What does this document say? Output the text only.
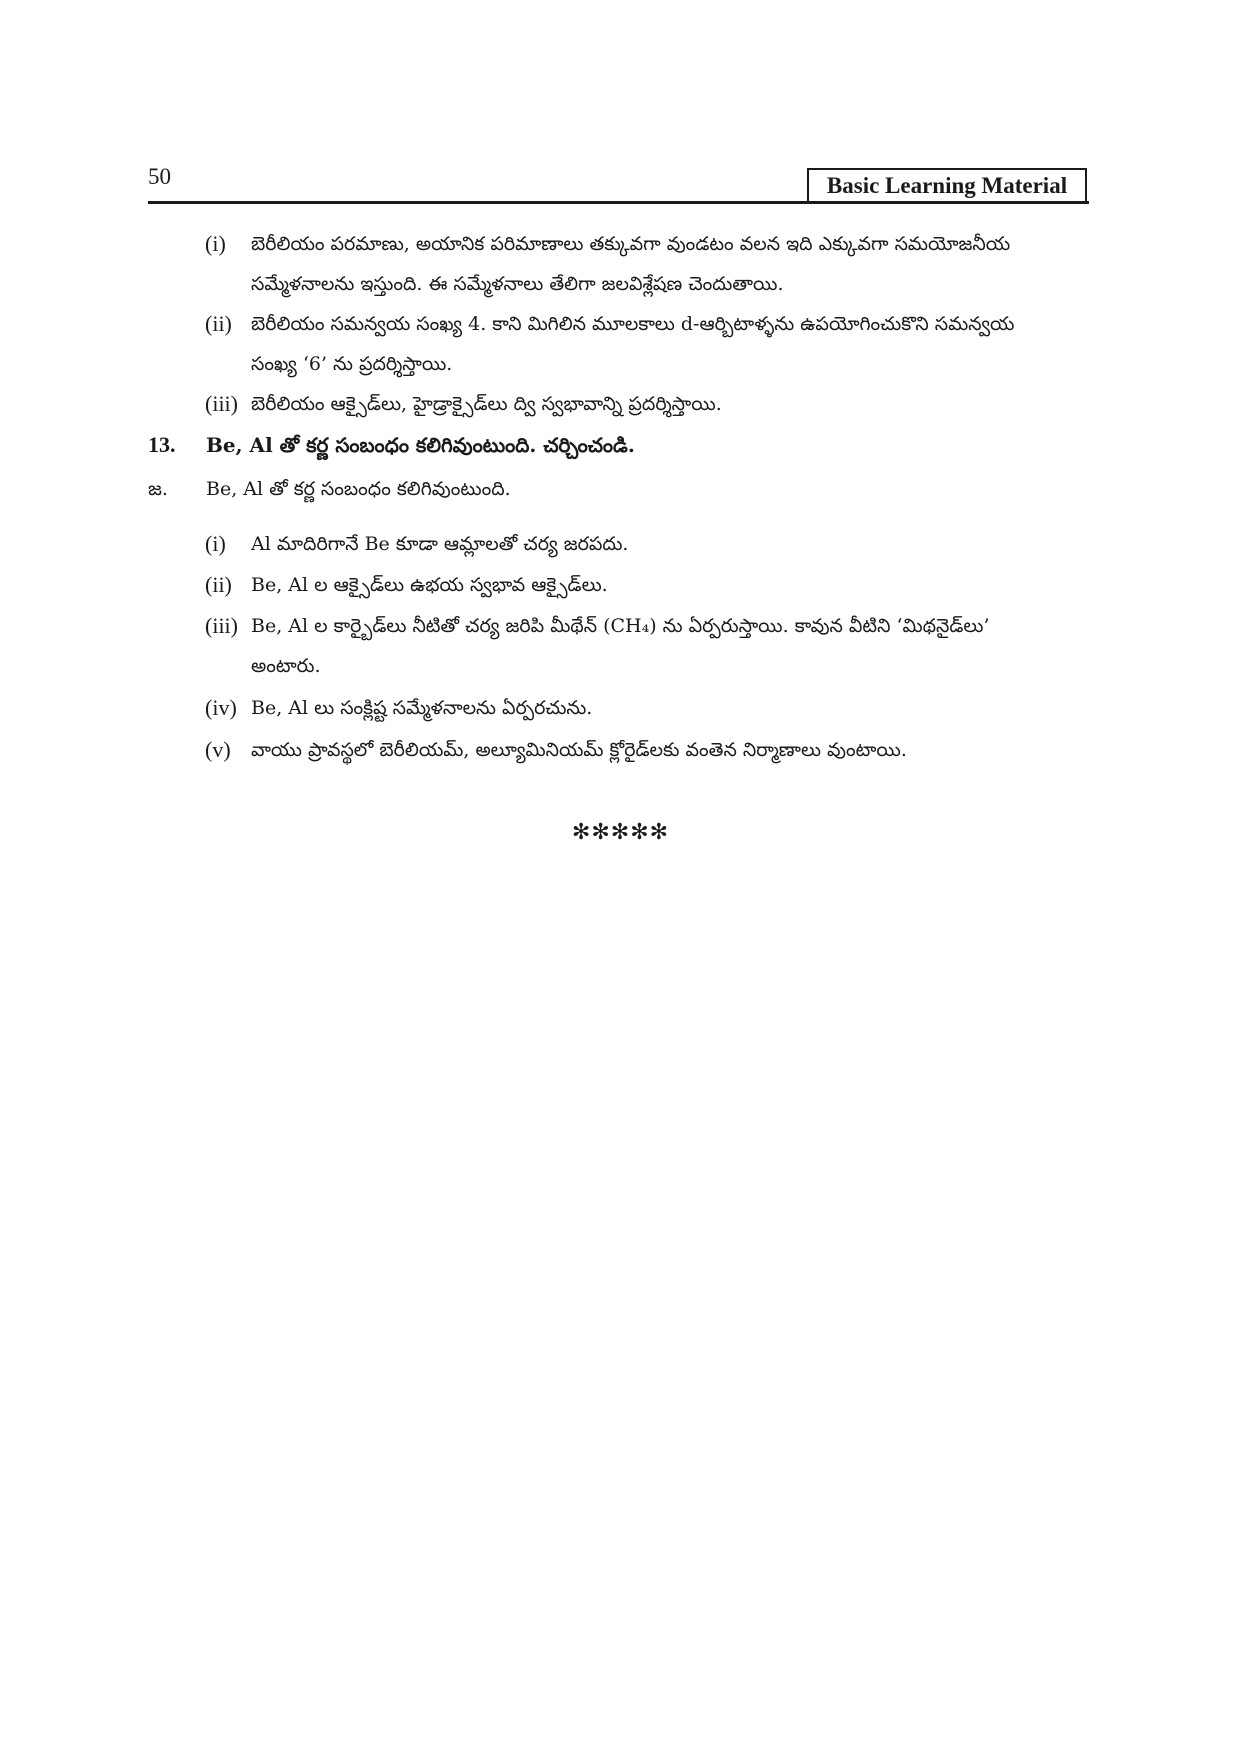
50	Basic Learning Material
(i) బెరీలియం పరమాణు, అయానిక పరిమాణాలు తక్కువగా వుండటం వలన ఇది ఎక్కువగా సమయోజనీయ
సమ్మేళనాలను ఇస్తుంది. ఈ సమ్మేళనాలు తేలిగా జలవిశ్లేషణ చెందుతాయి.
(ii) బెరీలియం సమన్వయ సంఖ్య 4. కాని మిగిలిన మూలకాలు d-ఆర్బిటాళ్ళను ఉపయోగించుకొని సమన్వయ
సంఖ్య ‘6’ ను ప్రదర్శిస్తాయి.
(iii) బెరీలియం ఆక్సైడ్‌లు, హైడ్రాక్సైడ్‌లు ద్వి స్వభావాన్ని ప్రదర్శిస్తాయి.
13. Be, Al తో కర్ణ సంబంధం కలిగివుంటుంది. చర్చించండి.
జ. Be, Al తో కర్ణ సంబంధం కలిగివుంటుంది.
(i) Al మాదిరిగానే Be కూడా ఆమ్లాలతో చర్య జరపదు.
(ii) Be, Al ల ఆక్సైడ్‌లు ఉభయ స్వభావ ఆక్సైడ్‌లు.
(iii) Be, Al ల కార్బైడ్‌లు నీటితో చర్య జరిపి మీథేన్ (CH₄) ను ఏర్పరుస్తాయి. కావున వీటిని ‘మిథనైడ్‌లు’
అంటారు.
(iv) Be, Al లు సంక్లిష్ట సమ్మేళనాలను ఏర్పరచును.
(v) వాయు ప్రావస్థలో బెరీలియమ్, అల్యూమినియమ్ క్లోరైడ్‌లకు వంతెన నిర్మాణాలు వుంటాయి.
✻✻✻✻✻
